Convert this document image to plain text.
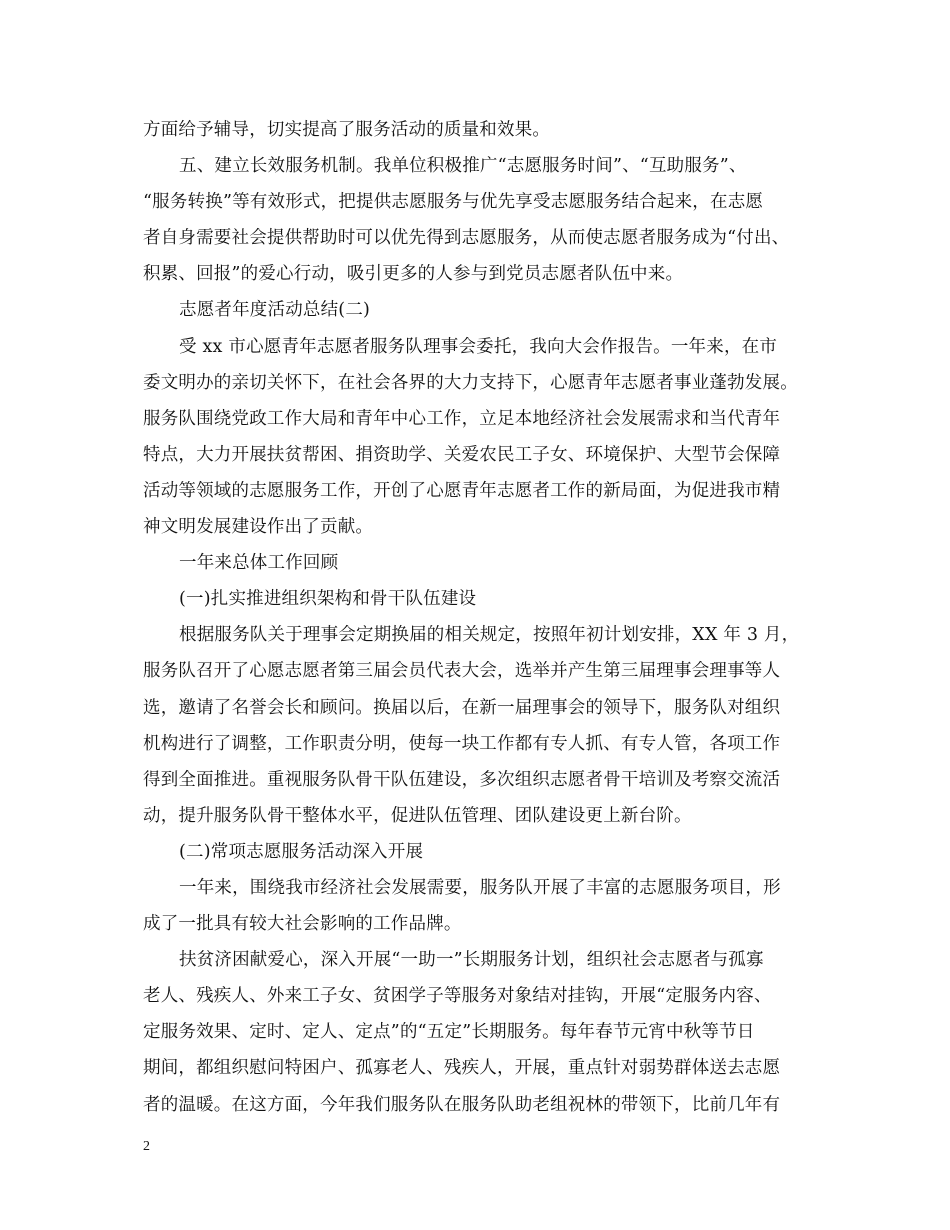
方面给予辅导，切实提高了服务活动的质量和效果。

五、建立长效服务机制。我单位积极推广“志愿服务时间”、“互助服务”、
“服务转换”等有效形式，把提供志愿服务与优先享受志愿服务结合起来，在志愿
者自身需要社会提供帮助时可以优先得到志愿服务，从而使志愿者服务成为“付出、
积累、回报”的爱心行动，吸引更多的人参与到党员志愿者队伍中来。

志愿者年度活动总结(二)

受 xx 市心愿青年志愿者服务队理事会委托，我向大会作报告。一年来，在市
委文明办的亲切关怀下，在社会各界的大力支持下，心愿青年志愿者事业蓬勃发展。
服务队围绕党政工作大局和青年中心工作，立足本地经济社会发展需求和当代青年
特点，大力开展扶贫帮困、捐资助学、关爱农民工子女、环境保护、大型节会保障
活动等领域的志愿服务工作，开创了心愿青年志愿者工作的新局面，为促进我市精
神文明发展建设作出了贡献。

一年来总体工作回顾

(一)扎实推进组织架构和骨干队伍建设

根据服务队关于理事会定期换届的相关规定，按照年初计划安排，XX 年 3 月，
服务队召开了心愿志愿者第三届会员代表大会，选举并产生第三届理事会理事等人
选，邀请了名誉会长和顾问。换届以后，在新一届理事会的领导下，服务队对组织
机构进行了调整，工作职责分明，使每一块工作都有专人抓、有专人管，各项工作
得到全面推进。重视服务队骨干队伍建设，多次组织志愿者骨干培训及考察交流活
动，提升服务队骨干整体水平，促进队伍管理、团队建设更上新台阶。

(二)常项志愿服务活动深入开展

一年来，围绕我市经济社会发展需要，服务队开展了丰富的志愿服务项目，形
成了一批具有较大社会影响的工作品牌。

扶贫济困献爱心，深入开展“一助一”长期服务计划，组织社会志愿者与孤寡
老人、残疾人、外来工子女、贫困学子等服务对象结对挂钩，开展“定服务内容、
定服务效果、定时、定人、定点”的“五定”长期服务。每年春节元宵中秋等节日
期间，都组织慰问特困户、孤寡老人、残疾人，开展，重点针对弱势群体送去志愿
者的温暖。在这方面，今年我们服务队在服务队助老组祝林的带领下，比前几年有

2
